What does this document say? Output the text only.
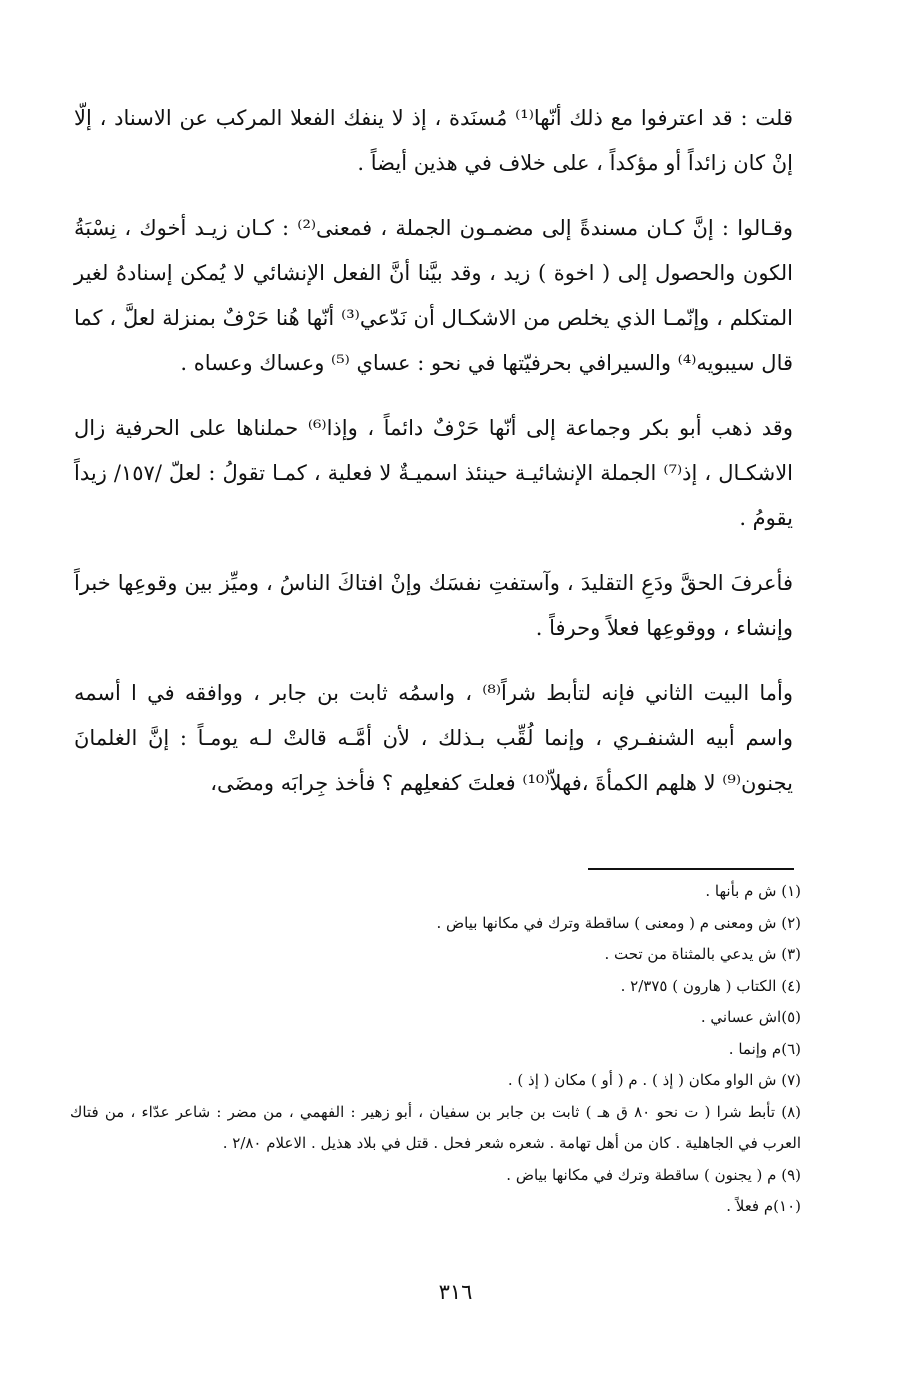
قلت : قد اعترفوا مع ذلك أنّها⁽¹⁾ مُسنَدة ، إذ لا ينفك الفعلا المركب عن الاسناد ، إلّا إنْ كان زائداً أو مؤكداً ، على خلاف في هذين أيضاً .

وقـالوا : إنَّ كـان مسندةً إلى مضمـون الجملة ، فمعنى⁽²⁾ : كـان زيـد أخوك ، نِسْبَةُ الكون والحصول إلى ( اخوة ) زيد ، وقد بيَّنا أنَّ الفعل الإنشائي لا يُمكن إسنادهُ لغير المتكلم ، وإنّمـا الذي يخلص من الاشكـال أن نَدّعي⁽³⁾ أنّها هُنا حَرْفٌ بمنزلة لعلَّ ، كما قال سيبويه⁽⁴⁾ والسيرافي بحرفيّتها في نحو : عساي ⁽⁵⁾ وعساك وعساه .

وقد ذهب أبو بكر وجماعة إلى أنّها حَرْفٌ دائماً ، وإذا⁽⁶⁾ حملناها على الحرفية زال الاشكـال ، إذ⁽⁷⁾ الجملة الإنشائيـة حينئذ اسميـةٌ لا فعلية ، كمـا تقولُ : لعلّ /١٥٧/ زيداً يقومُ .

فأعرفَ الحقَّ ودَعِ التقليدَ ، وآستفتِ نفسَك وإنْ افتاكَ الناسُ ، وميِّز بين وقوعِها خبراً وإنشاء ، ووقوعِها فعلاً وحرفاً .

وأما البيت الثاني فإنه لتأبط شراً⁽⁸⁾ ، واسمُه ثابت بن جابر ، ووافقه في ا أسمه واسم أبيه الشنفـري ، وإنما لُقِّب بـذلك ، لأن أمَّـه قالتْ لـه يومـاً : إنَّ الغلمانَ يجنون⁽⁹⁾ لا هلهم الكمأةَ ،فهلاّ⁽¹⁰⁾ فعلتَ كفعلِهم ؟ فأخذ جِرابَه ومضَى،

(١) ش م بأنها .

(٢) ش ومعنى م ( ومعنى ) ساقطة وترك في مكانها بياض .

(٣) ش يدعي بالمثناة من تحت .

(٤) الكتاب ( هارون ) ٢/٣٧٥ .

(٥)اش عساني .

(٦)م وإنما .

(٧) ش الواو مكان ( إذ ) . م ( أو ) مكان ( إذ ) .

(٨) تأبط شرا ( ت نحو ٨٠ ق هـ ) ثابت بن جابر بن سفيان ، أبو زهير : الفهمي ، من مضر : شاعر عدّاء ، من فتاك العرب في الجاهلية . كان من أهل تهامة . شعره شعر فحل . قتل في بلاد هذيل . الاعلام ٢/٨٠ .

(٩) م ( يجنون ) ساقطة وترك في مكانها بياض .

(١٠)م فعلاً .

٣١٦
